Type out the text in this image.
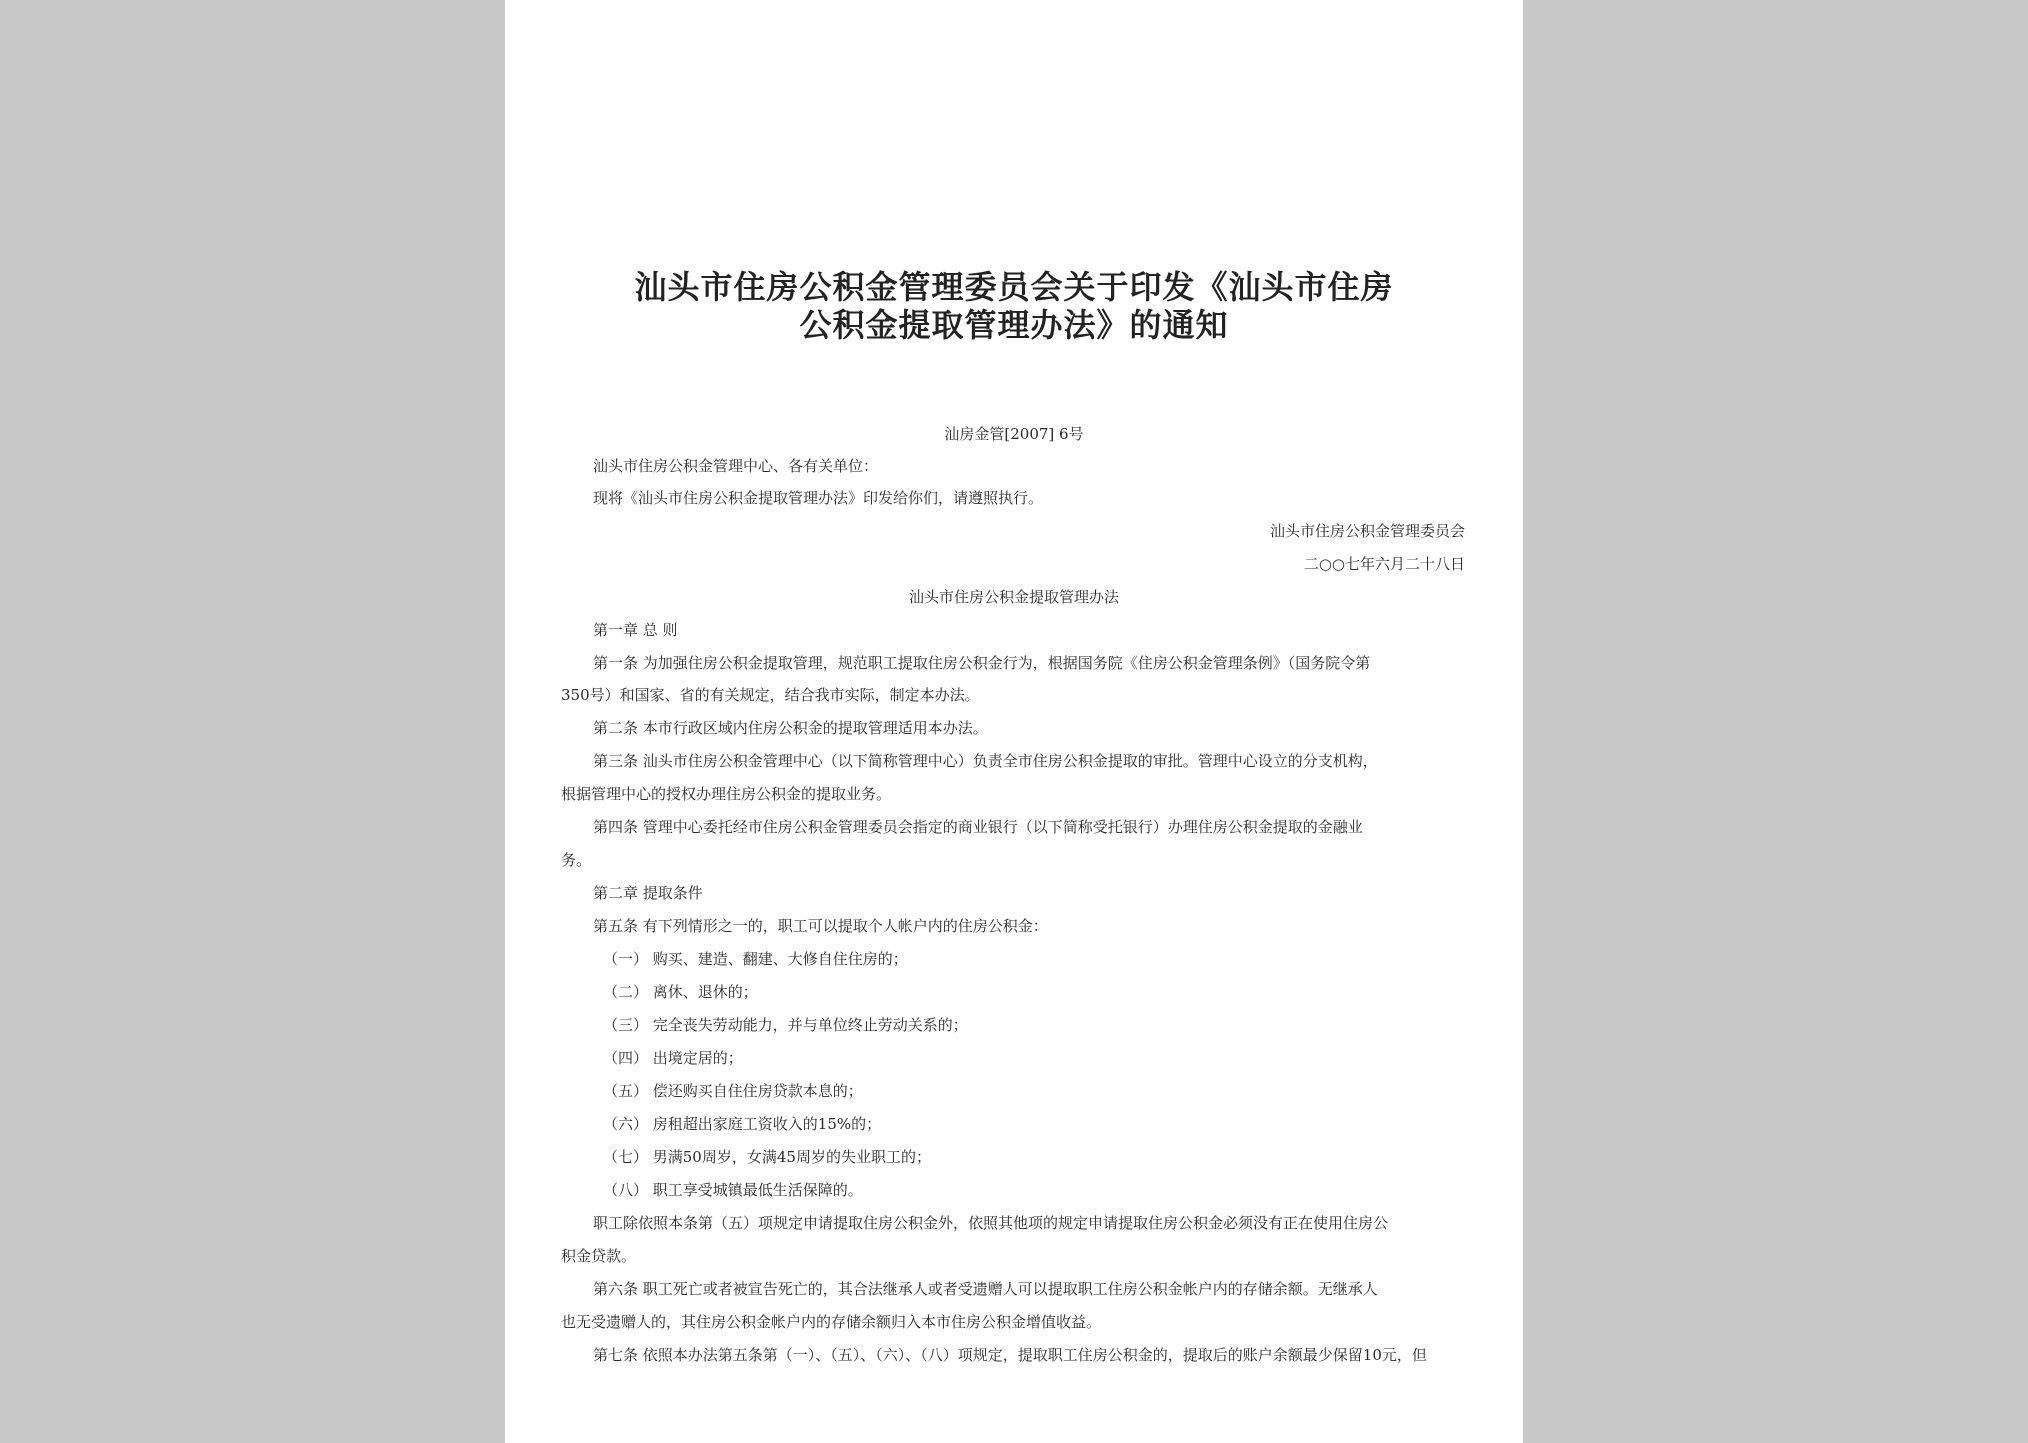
汕头市住房公积金管理委员会关于印发《汕头市住房
公积金提取管理办法》的通知
汕房金管[2007] 6号
汕头市住房公积金管理中心、各有关单位：
现将《汕头市住房公积金提取管理办法》印发给你们，请遵照执行。
汕头市住房公积金管理委员会
二○○七年六月二十八日
汕头市住房公积金提取管理办法
第一章 总 则
第一条 为加强住房公积金提取管理，规范职工提取住房公积金行为，根据国务院《住房公积金管理条例》（国务院令第
350号）和国家、省的有关规定，结合我市实际，制定本办法。
第二条 本市行政区域内住房公积金的提取管理适用本办法。
第三条 汕头市住房公积金管理中心（以下简称管理中心）负责全市住房公积金提取的审批。管理中心设立的分支机构，
根据管理中心的授权办理住房公积金的提取业务。
第四条 管理中心委托经市住房公积金管理委员会指定的商业银行（以下简称受托银行）办理住房公积金提取的金融业
务。
第二章 提取条件
第五条 有下列情形之一的，职工可以提取个人帐户内的住房公积金：
（一） 购买、建造、翻建、大修自住住房的；
（二） 离休、退休的；
（三） 完全丧失劳动能力，并与单位终止劳动关系的；
（四） 出境定居的；
（五） 偿还购买自住住房贷款本息的；
（六） 房租超出家庭工资收入的15%的；
（七） 男满50周岁，女满45周岁的失业职工的；
（八） 职工享受城镇最低生活保障的。
职工除依照本条第（五）项规定申请提取住房公积金外，依照其他项的规定申请提取住房公积金必须没有正在使用住房公
积金贷款。
第六条 职工死亡或者被宣告死亡的，其合法继承人或者受遗赠人可以提取职工住房公积金帐户内的存储余额。无继承人
也无受遗赠人的，其住房公积金帐户内的存储余额归入本市住房公积金增值收益。
第七条 依照本办法第五条第（一）、（五）、（六）、（八）项规定，提取职工住房公积金的，提取后的账户余额最少保留10元，但
